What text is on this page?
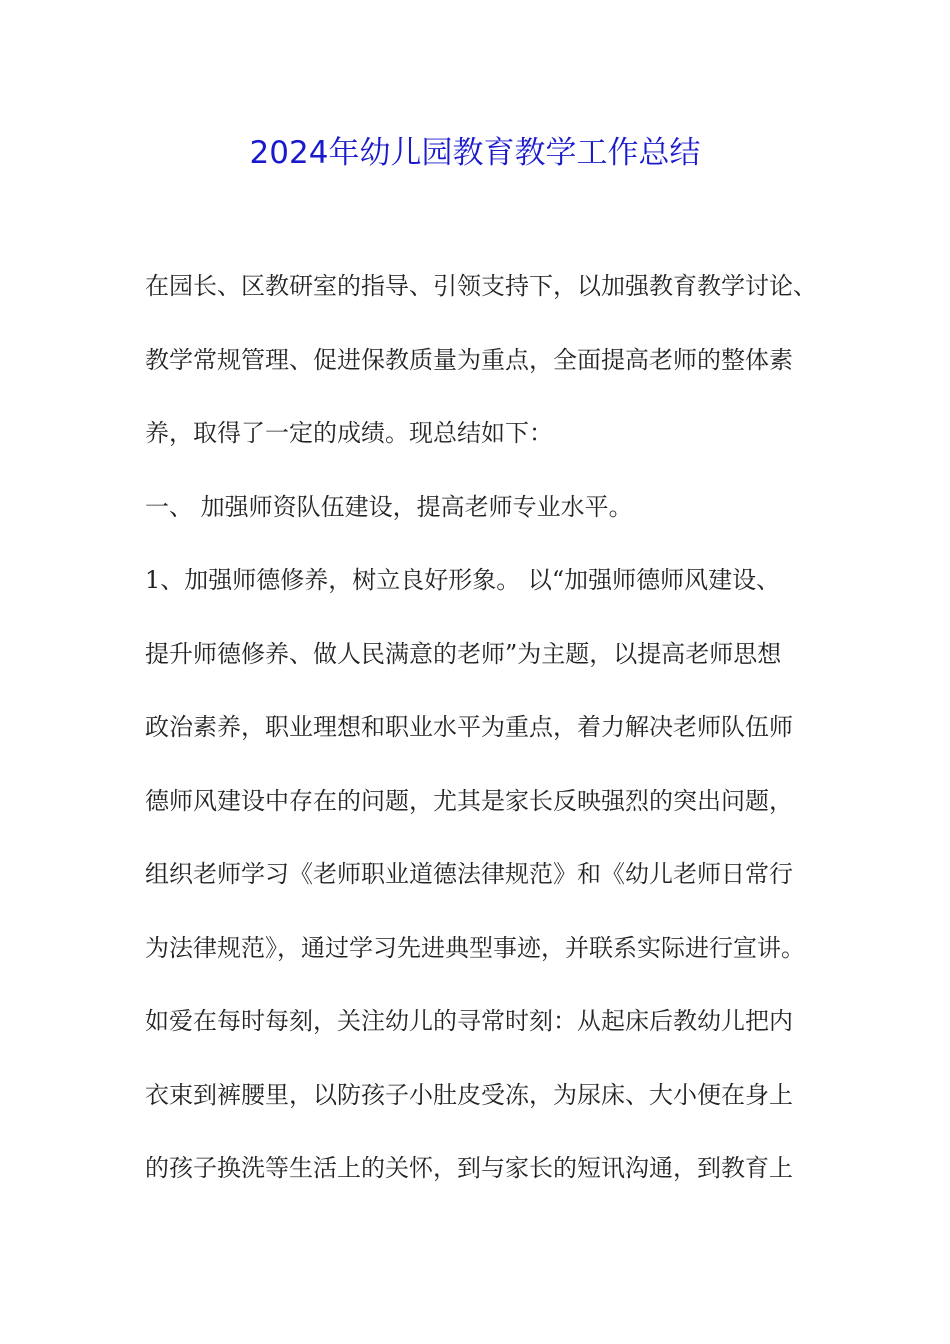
2024年幼儿园教育教学工作总结
在园长、区教研室的指导、引领支持下，以加强教育教学讨论、
教学常规管理、促进保教质量为重点，全面提高老师的整体素
养，取得了一定的成绩。现总结如下：
一、 加强师资队伍建设，提高老师专业水平。
1、加强师德修养，树立良好形象。 以“加强师德师风建设、
提升师德修养、做人民满意的老师”为主题，以提高老师思想
政治素养，职业理想和职业水平为重点，着力解决老师队伍师
德师风建设中存在的问题，尤其是家长反映强烈的突出问题，
组织老师学习《老师职业道德法律规范》和《幼儿老师日常行
为法律规范》，通过学习先进典型事迹，并联系实际进行宣讲。
如爱在每时每刻，关注幼儿的寻常时刻：从起床后教幼儿把内
衣束到裤腰里，以防孩子小肚皮受冻，为尿床、大小便在身上
的孩子换洗等生活上的关怀，到与家长的短讯沟通，到教育上
